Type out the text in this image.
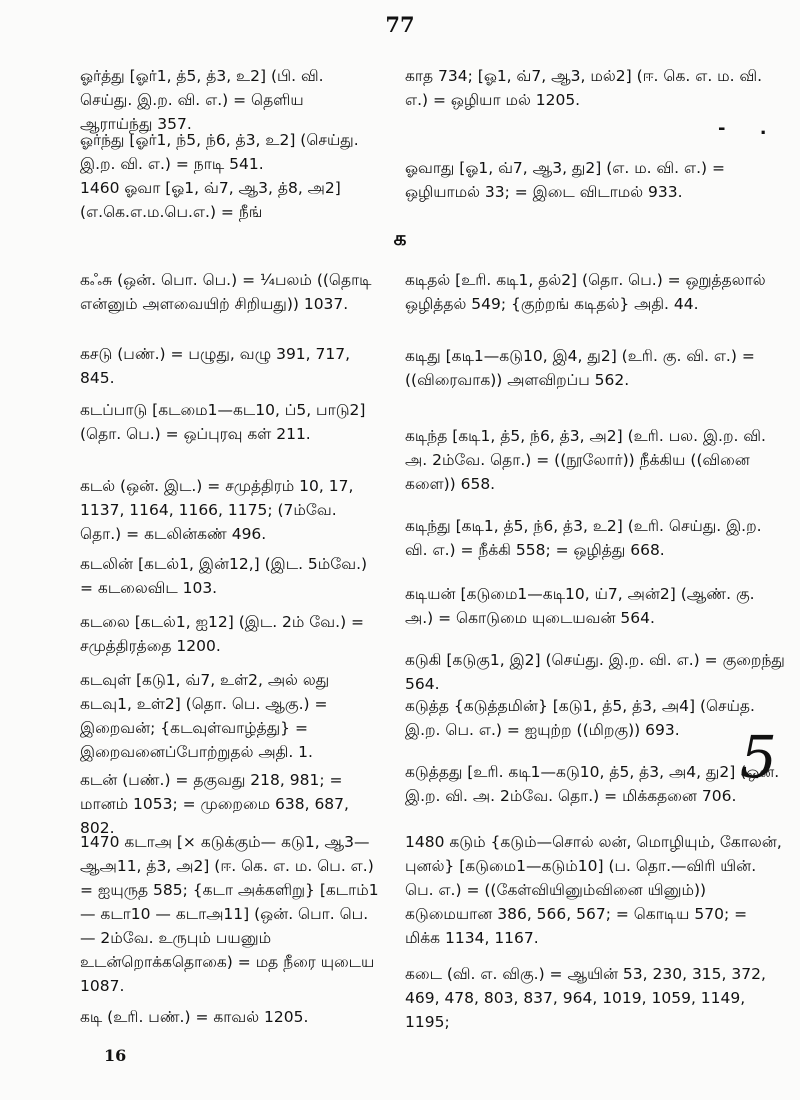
77

ஓர்த்து [ஓர்1, த்5, த்3, உ2] (பி. வி. செய்து. இ.ற. வி. எ.) = தெளிய ஆராய்ந்து 357.

ஓர்ந்து [ஓர்1, ந்5, ந்6, த்3, உ2] (செய்து. இ.ற. வி. எ.) = நாடி 541.

1460 ஓவா [ஓ1, வ்7, ஆ3, த்8, அ2] (எ.கெ.எ.ம.பெ.எ.) = நீங்

காத 734; [ஓ1, வ்7, ஆ3, மல்2] (ஈ. கெ. எ. ம. வி. எ.) = ஒழியா மல் 1205.

ஓவாது [ஓ1, வ்7, ஆ3, து2] (எ. ம. வி. எ.) = ஒழியாமல் 33; = இடை விடாமல் 933.

- .
க

கஃசு (ஒன். பொ. பெ.) = ¼பலம் ((தொடி என்னும் அளவையிற் சிறியது)) 1037.

கசடு (பண்.) = பழுது, வழு 391, 717, 845.

கடப்பாடு [கடமை1—கட10, ப்5, பாடு2] (தொ. பெ.) = ஒப்புரவு கள் 211.

கடல் (ஒன். இட.) = சமுத்திரம் 10, 17, 1137, 1164, 1166, 1175; (7ம்வே. தொ.) = கடலின்கண் 496.

கடலின் [கடல்1, இன்12,] (இட. 5ம்வே.) = கடலைவிட 103.

கடலை [கடல்1, ஐ12] (இட. 2ம் வே.) = சமுத்திரத்தை 1200.

கடவுள் [கடு1, வ்7, உள்2, அல் லது கடவு1, உள்2] (தொ. பெ. ஆகு.) = இறைவன்; {கடவுள்வாழ்த்து} = இறைவனைப்போற்றுதல் அதி. 1.

கடன் (பண்.) = தகுவது 218, 981; = மானம் 1053; = முறைமை 638, 687, 802.

1470 கடாஅ [× கடுக்கும்— கடு1, ஆ3—ஆஅ11, த்3, அ2] (ஈ. கெ. எ. ம. பெ. எ.) = ஐயுருத 585; {கடா அக்களிறு} [கடாம்1— கடா10 — கடாஅ11] (ஒன். பொ. பெ. — 2ம்வே. உருபும் பயனும் உடன்றொக்கதொகை) = மத நீரை யுடைய 1087.

கடி (உரி. பண்.) = காவல் 1205.

கடிதல் [உரி. கடி1, தல்2] (தொ. பெ.) = ஒறுத்தலால் ஒழித்தல் 549; {குற்றங் கடிதல்} அதி. 44.

கடிது [கடி1—கடு10, இ4, து2] (உரி. கு. வி. எ.) = ((விரைவாக)) அளவிறப்ப 562.

கடிந்த [கடி1, த்5, ந்6, த்3, அ2] (உரி. பல. இ.ற. வி. அ. 2ம்வே. தொ.) = ((நூலோர்)) நீக்கிய ((வினை களை)) 658.

கடிந்து [கடி1, த்5, ந்6, த்3, உ2] (உரி. செய்து. இ.ற. வி. எ.) = நீக்கி 558; = ஒழித்து 668.

கடியன் [கடுமை1—கடி10, ய்7, அன்2] (ஆண். கு. அ.) = கொடுமை யுடையவன் 564.

கடுகி [கடுகு1, இ2] (செய்து. இ.ற. வி. எ.) = குறைந்து 564.

கடுத்த {கடுத்தமின்} [கடு1, த்5, த்3, அ4] (செய்த. இ.ற. பெ. எ.) = ஐயுற்ற ((மிறகு)) 693.

கடுத்தது [உரி. கடி1—கடு10, த்5, த்3, அ4, து2] (ஒன். இ.ற. வி. அ. 2ம்வே. தொ.) = மிக்கதனை 706.

1480 கடும் {கடும்—சொல் லன், மொழியும், கோலன், புனல்} [கடுமை1—கடும்10] (ப. தொ.—விரி யின். பெ. எ.) = ((கேள்வியினும்வினை யினும்)) கடுமையான 386, 566, 567; = கொடிய 570; = மிக்க 1134, 1167.

கடை (வி. எ. விகு.) = ஆயின் 53, 230, 315, 372, 469, 478, 803, 837, 964, 1019, 1059, 1149, 1195;

5
16
